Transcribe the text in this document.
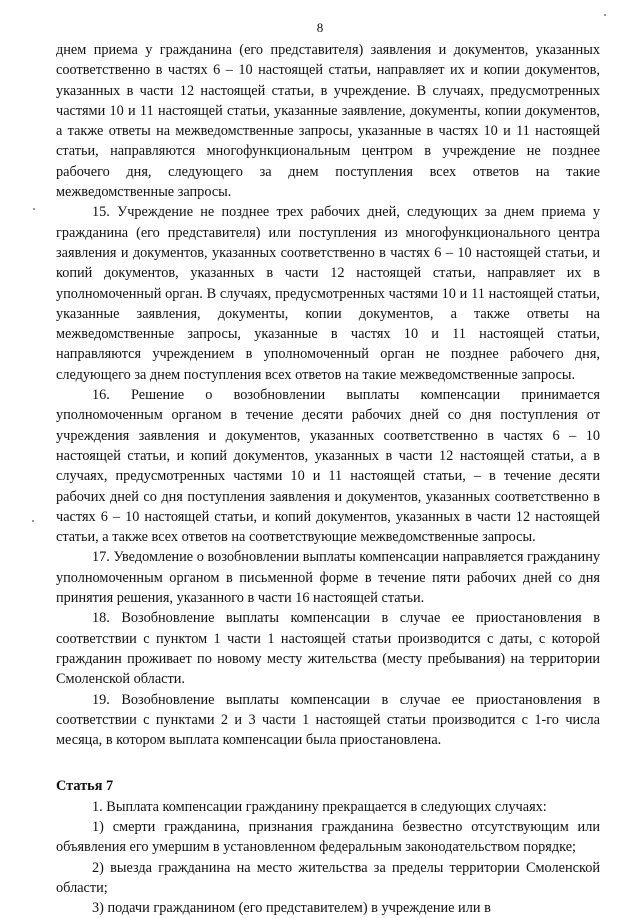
8

днем приема у гражданина (его представителя) заявления и документов, указанных соответственно в частях 6 – 10 настоящей статьи, направляет их и копии документов, указанных в части 12 настоящей статьи, в учреждение. В случаях, предусмотренных частями 10 и 11 настоящей статьи, указанные заявление, документы, копии документов, а также ответы на межведомственные запросы, указанные в частях 10 и 11 настоящей статьи, направляются многофункциональным центром в учреждение не позднее рабочего дня, следующего за днем поступления всех ответов на такие межведомственные запросы.

15. Учреждение не позднее трех рабочих дней, следующих за днем приема у гражданина (его представителя) или поступления из многофункционального центра заявления и документов, указанных соответственно в частях 6 – 10 настоящей статьи, и копий документов, указанных в части 12 настоящей статьи, направляет их в уполномоченный орган. В случаях, предусмотренных частями 10 и 11 настоящей статьи, указанные заявления, документы, копии документов, а также ответы на межведомственные запросы, указанные в частях 10 и 11 настоящей статьи, направляются учреждением в уполномоченный орган не позднее рабочего дня, следующего за днем поступления всех ответов на такие межведомственные запросы.

16. Решение о возобновлении выплаты компенсации принимается уполномоченным органом в течение десяти рабочих дней со дня поступления от учреждения заявления и документов, указанных соответственно в частях 6 – 10 настоящей статьи, и копий документов, указанных в части 12 настоящей статьи, а в случаях, предусмотренных частями 10 и 11 настоящей статьи, – в течение десяти рабочих дней со дня поступления заявления и документов, указанных соответственно в частях 6 – 10 настоящей статьи, и копий документов, указанных в части 12 настоящей статьи, а также всех ответов на соответствующие межведомственные запросы.

17. Уведомление о возобновлении выплаты компенсации направляется гражданину уполномоченным органом в письменной форме в течение пяти рабочих дней со дня принятия решения, указанного в части 16 настоящей статьи.

18. Возобновление выплаты компенсации в случае ее приостановления в соответствии с пунктом 1 части 1 настоящей статьи производится с даты, с которой гражданин проживает по новому месту жительства (месту пребывания) на территории Смоленской области.

19. Возобновление выплаты компенсации в случае ее приостановления в соответствии с пунктами 2 и 3 части 1 настоящей статьи производится с 1-го числа месяца, в котором выплата компенсации была приостановлена.

Статья 7

1. Выплата компенсации гражданину прекращается в следующих случаях:

1) смерти гражданина, признания гражданина безвестно отсутствующим или объявления его умершим в установленном федеральным законодательством порядке;

2) выезда гражданина на место жительства за пределы территории Смоленской области;

3) подачи гражданином (его представителем) в учреждение или в
